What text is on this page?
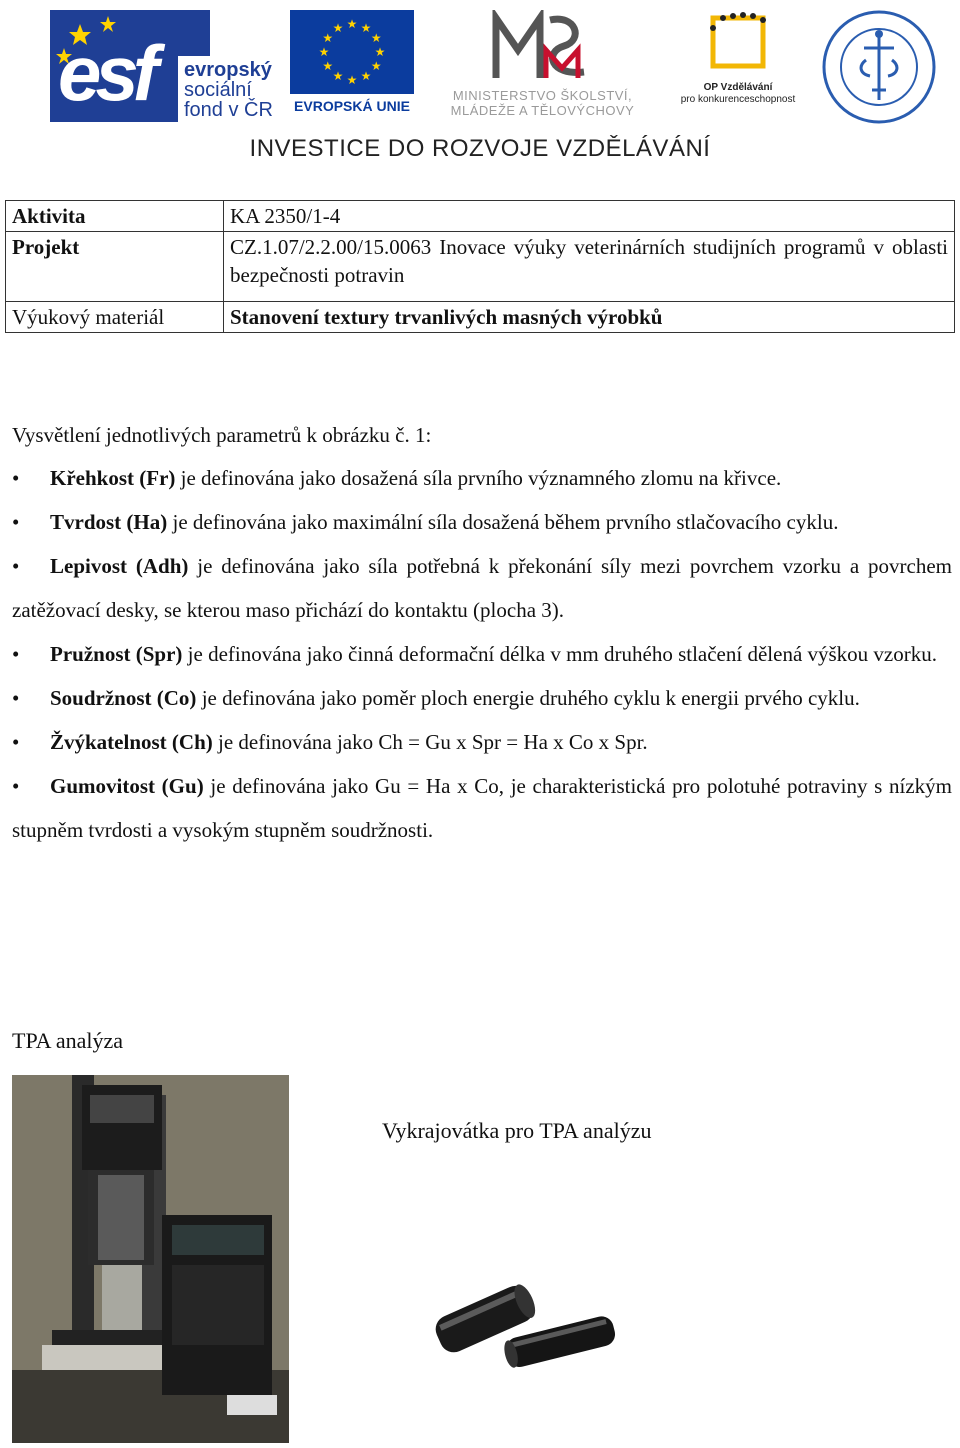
esf evropský
sociální
fond v ČR
★ ★
★
★
★
★
★
★
★
★
★
★
EVROPSKÁ UNIE
MINISTERSTVO ŠKOLSTVÍ,
MLÁDEŽE A TĚLOVÝCHOVY
OP Vzdělávání
pro konkurenceschopnost
INVESTICE DO ROZVOJE VZDĚLÁVÁNÍ
Aktivita	KA 2350/1-4
Projekt	CZ.1.07/2.2.00/15.0063 Inovace výuky veterinárních studijních programů v oblasti bezpečnosti potravin
Výukový materiál	Stanovení textury trvanlivých masných výrobků
Vysvětlení jednotlivých parametrů k obrázku č. 1:
• Křehkost (Fr) je definována jako dosažená síla prvního významného zlomu na křivce.
• Tvrdost (Ha) je definována jako maximální síla dosažená během prvního stlačovacího cyklu.
• Lepivost (Adh) je definována jako síla potřebná k překonání síly mezi povrchem vzorku a povrchem zatěžovací desky, se kterou maso přichází do kontaktu (plocha 3).
• Pružnost (Spr) je definována jako činná deformační délka v mm druhého stlačení dělená výškou vzorku.
• Soudržnost (Co) je definována jako poměr ploch energie druhého cyklu k energii prvého cyklu.
• Žvýkatelnost (Ch) je definována jako Ch = Gu x Spr = Ha x Co x Spr.
• Gumovitost (Gu) je definována jako Gu = Ha x Co, je charakteristická pro polotuhé potraviny s nízkým stupněm tvrdosti a vysokým stupněm soudržnosti.
TPA analýza
Vykrajovátka pro TPA analýzu
